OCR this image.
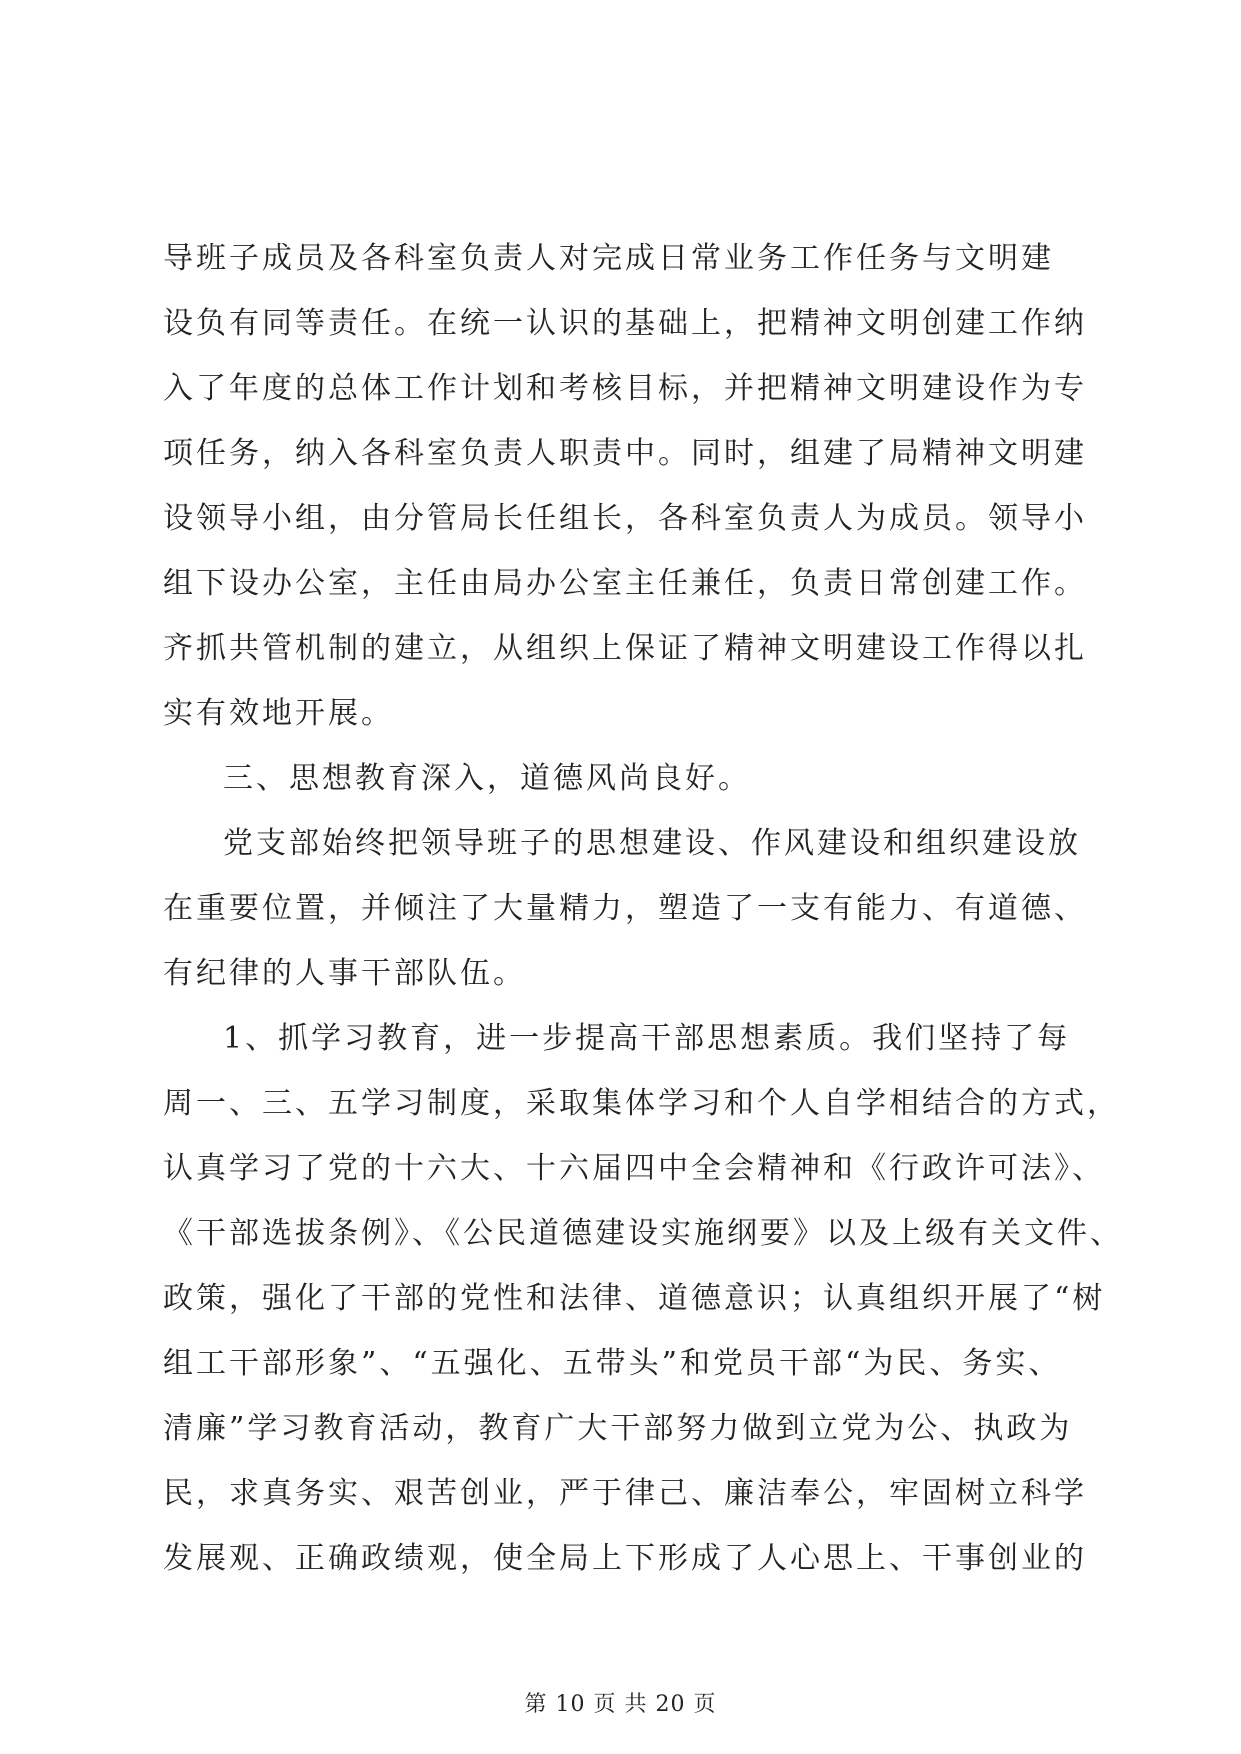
导班子成员及各科室负责人对完成日常业务工作任务与文明建
设负有同等责任。在统一认识的基础上，把精神文明创建工作纳
入了年度的总体工作计划和考核目标，并把精神文明建设作为专
项任务，纳入各科室负责人职责中。同时，组建了局精神文明建
设领导小组，由分管局长任组长，各科室负责人为成员。领导小
组下设办公室，主任由局办公室主任兼任，负责日常创建工作。
齐抓共管机制的建立，从组织上保证了精神文明建设工作得以扎
实有效地开展。
三、思想教育深入，道德风尚良好。
党支部始终把领导班子的思想建设、作风建设和组织建设放
在重要位置，并倾注了大量精力，塑造了一支有能力、有道德、
有纪律的人事干部队伍。
1、抓学习教育，进一步提高干部思想素质。我们坚持了每
周一、三、五学习制度，采取集体学习和个人自学相结合的方式，
认真学习了党的十六大、十六届四中全会精神和《行政许可法》、
《干部选拔条例》、《公民道德建设实施纲要》以及上级有关文件、
政策，强化了干部的党性和法律、道德意识；认真组织开展了“树
组工干部形象”、“五强化、五带头”和党员干部“为民、务实、
清廉”学习教育活动，教育广大干部努力做到立党为公、执政为
民，求真务实、艰苦创业，严于律己、廉洁奉公，牢固树立科学
发展观、正确政绩观，使全局上下形成了人心思上、干事创业的
第 10 页 共 20 页
